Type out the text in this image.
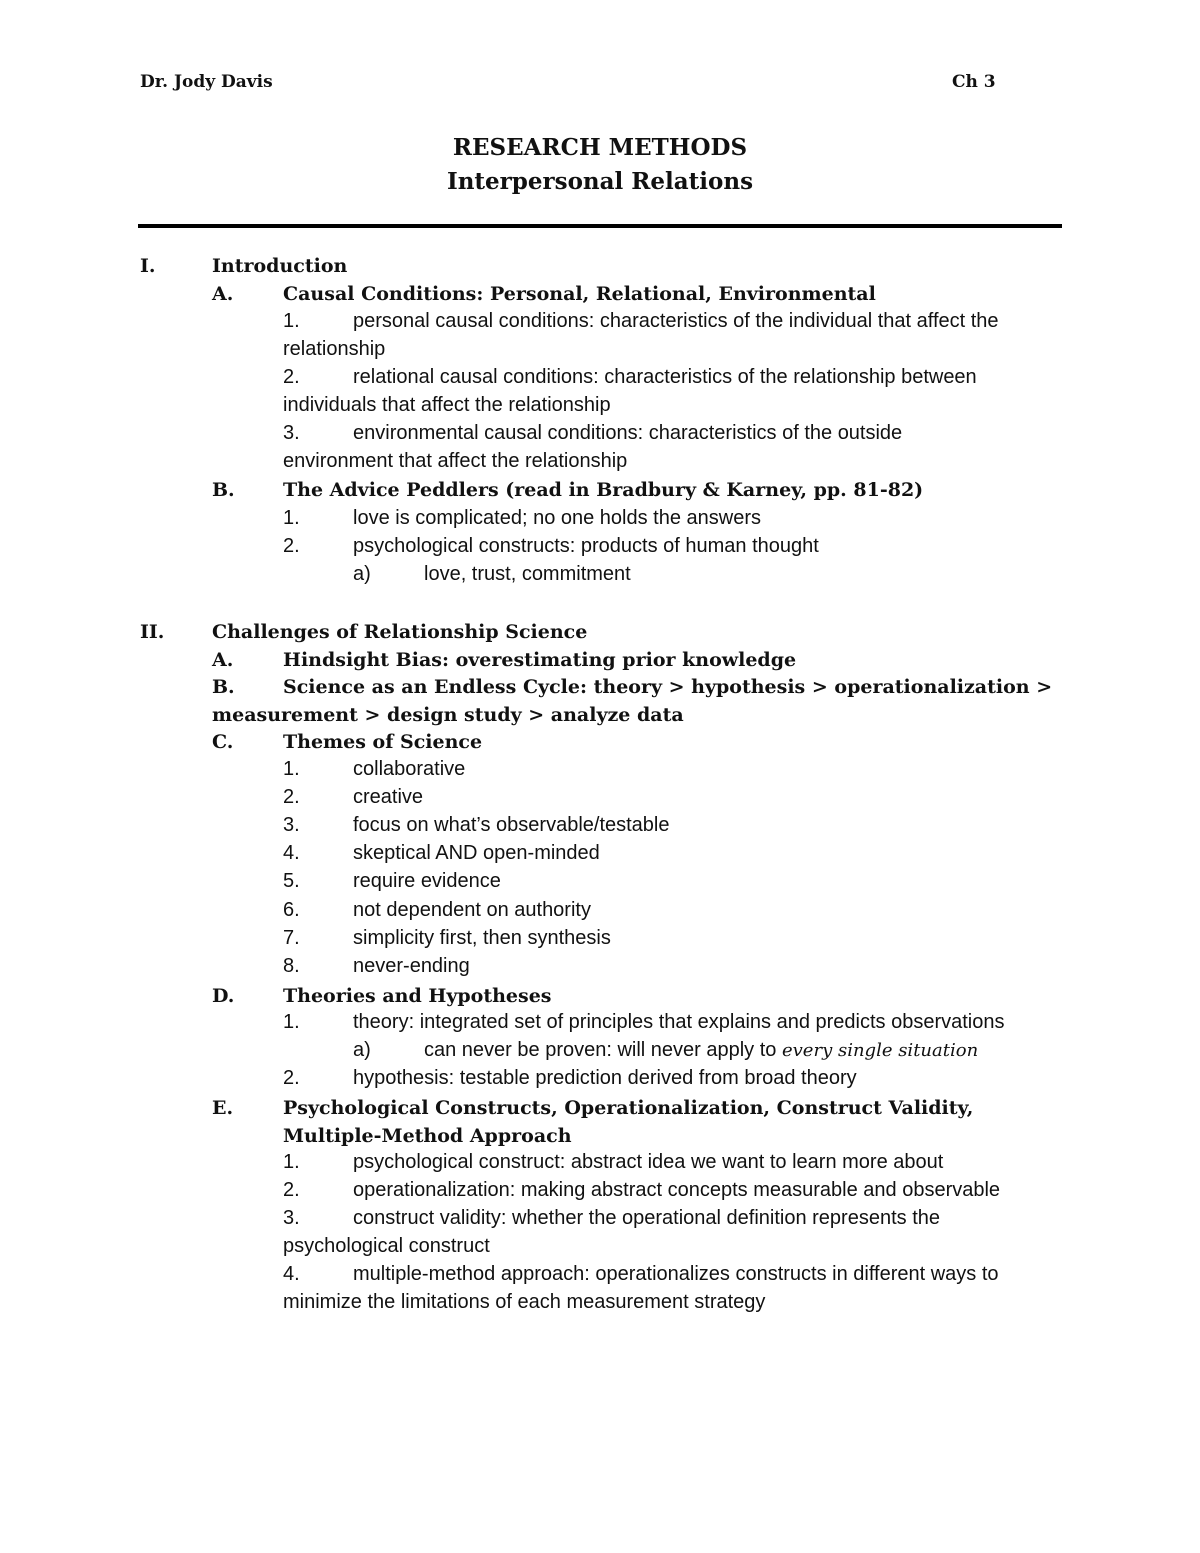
Dr. Jody Davis	Ch 3
RESEARCH METHODS
Interpersonal Relations
I.	Introduction
A.	Causal Conditions: Personal, Relational, Environmental
1.	personal causal conditions: characteristics of the individual that affect the
relationship
2.	relational causal conditions: characteristics of the relationship between
individuals that affect the relationship
3.	environmental causal conditions: characteristics of the outside
environment that affect the relationship
B.	The Advice Peddlers (read in Bradbury & Karney, pp. 81-82)
1.	love is complicated; no one holds the answers
2.	psychological constructs: products of human thought
a)	love, trust, commitment
II.	Challenges of Relationship Science
A.	Hindsight Bias: overestimating prior knowledge
B.	Science as an Endless Cycle: theory > hypothesis > operationalization >
measurement > design study > analyze data
C.	Themes of Science
1.	collaborative
2.	creative
3.	focus on what’s observable/testable
4.	skeptical AND open-minded
5.	require evidence
6.	not dependent on authority
7.	simplicity first, then synthesis
8.	never-ending
D.	Theories and Hypotheses
1.	theory: integrated set of principles that explains and predicts observations
a)	can never be proven: will never apply to every single situation
2.	hypothesis: testable prediction derived from broad theory
E.	Psychological Constructs, Operationalization, Construct Validity,
Multiple-Method Approach
1.	psychological construct: abstract idea we want to learn more about
2.	operationalization: making abstract concepts measurable and observable
3.	construct validity: whether the operational definition represents the
psychological construct
4.	multiple-method approach: operationalizes constructs in different ways to
minimize the limitations of each measurement strategy
